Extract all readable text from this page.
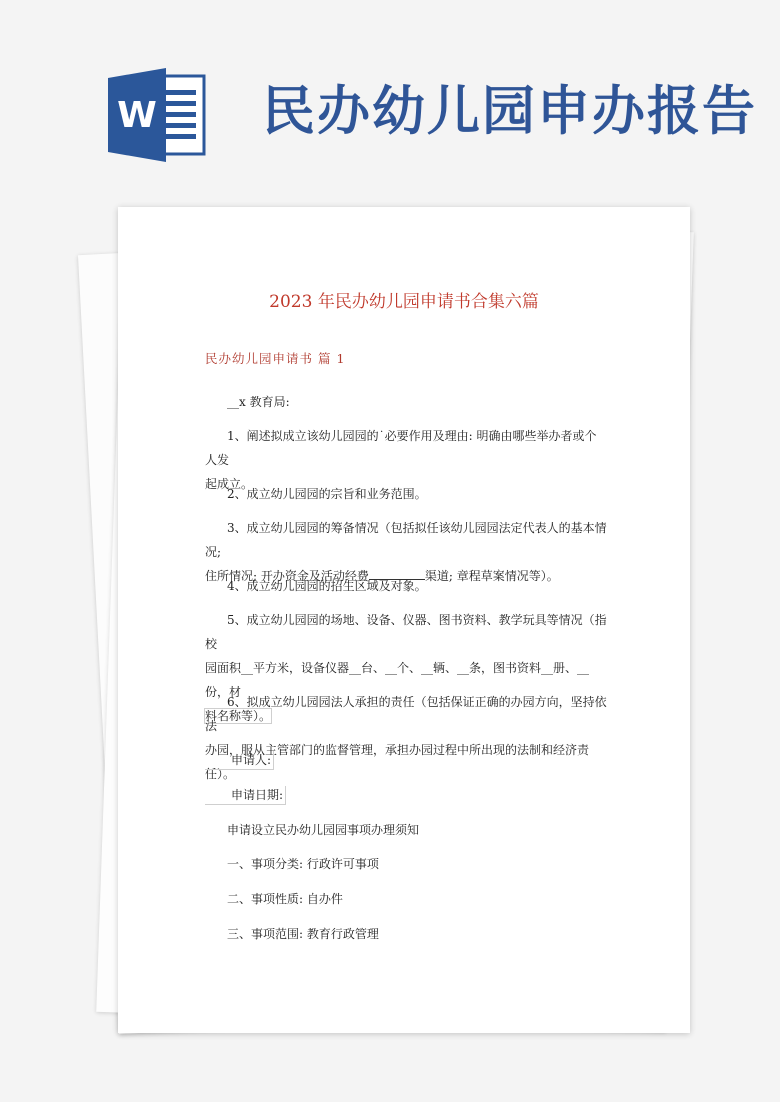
W 民办幼儿园申办报告
2023 年民办幼儿园申请书合集六篇
民办幼儿园申请书 篇 1

__x 教育局:

1、阐述拟成立该幼儿园园的˙必要作用及理由: 明确由哪些举办者或个人发
起成立。

2、成立幼儿园园的宗旨和业务范围。

3、成立幼儿园园的筹备情况（包括拟任该幼儿园园法定代表人的基本情况;
住所情况; 开办资金及活动经费	渠道; 章程草案情况等）。

4、成立幼儿园园的招生区域及对象。

5、成立幼儿园园的场地、设备、仪器、图书资料、教学玩具等情况（指校
园面积__平方米，设备仪器__台、__个、__辆、__条，图书资料__册、__份，材
料名称等）。

6、拟成立幼儿园园法人承担的责任（包括保证正确的办园方向，坚持依法
办园，服从主管部门的监督管理，承担办园过程中所出现的法制和经济责任）。

申请人:
申请日期:

申请设立民办幼儿园园事项办理须知

一、事项分类: 行政许可事项

二、事项性质: 自办件

三、事项范围: 教育行政管理
